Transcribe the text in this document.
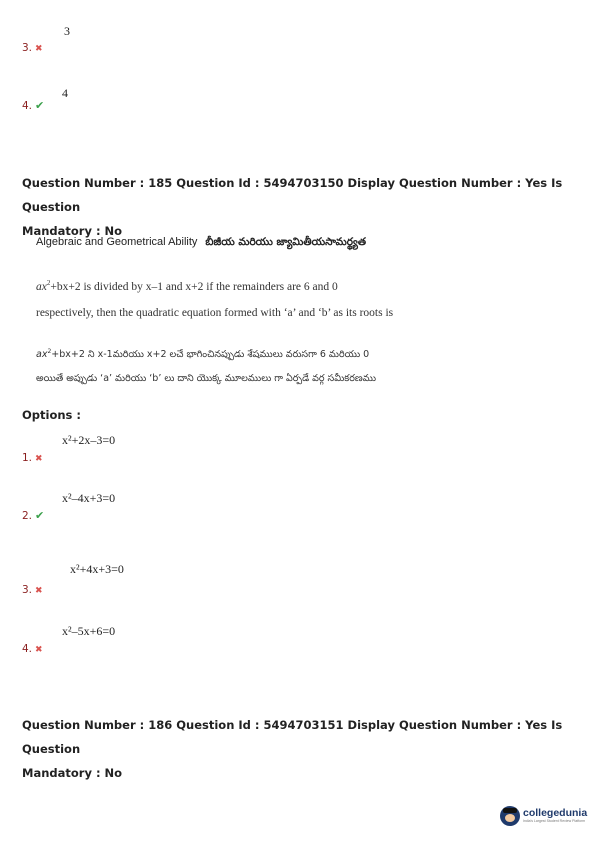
3. ✖
3
4. ✔
4
Question Number : 185 Question Id : 5494703150 Display Question Number : Yes Is Question
Mandatory : No
Algebraic and Geometrical Ability బీజీయ మరియు జ్యామితీయసామర్థ్యత
$ax^2+bx+2$ is divided by x–1 and x+2 if the remainders are 6 and 0
respectively, then the quadratic equation formed with ‘a’ and ‘b’ as its roots is
$ax^2+bx+2$ ని x-1మరియు x+2 లచే భాగించినప్పుడు శేషములు వరుసగా 6 మరియు 0
అయితే అప్పుడు ‘a’ మరియు ‘b’ లు దాని యొక్క మూలములు గా ఏర్పడే వర్గ సమీకరణము
Options :
1. ✖
x²+2x–3=0
2. ✔
x²–4x+3=0
3. ✖
x²+4x+3=0
4. ✖
x²–5x+6=0
Question Number : 186 Question Id : 5494703151 Display Question Number : Yes Is Question
Mandatory : No
collegedunia
India's Largest Student Review Platform
